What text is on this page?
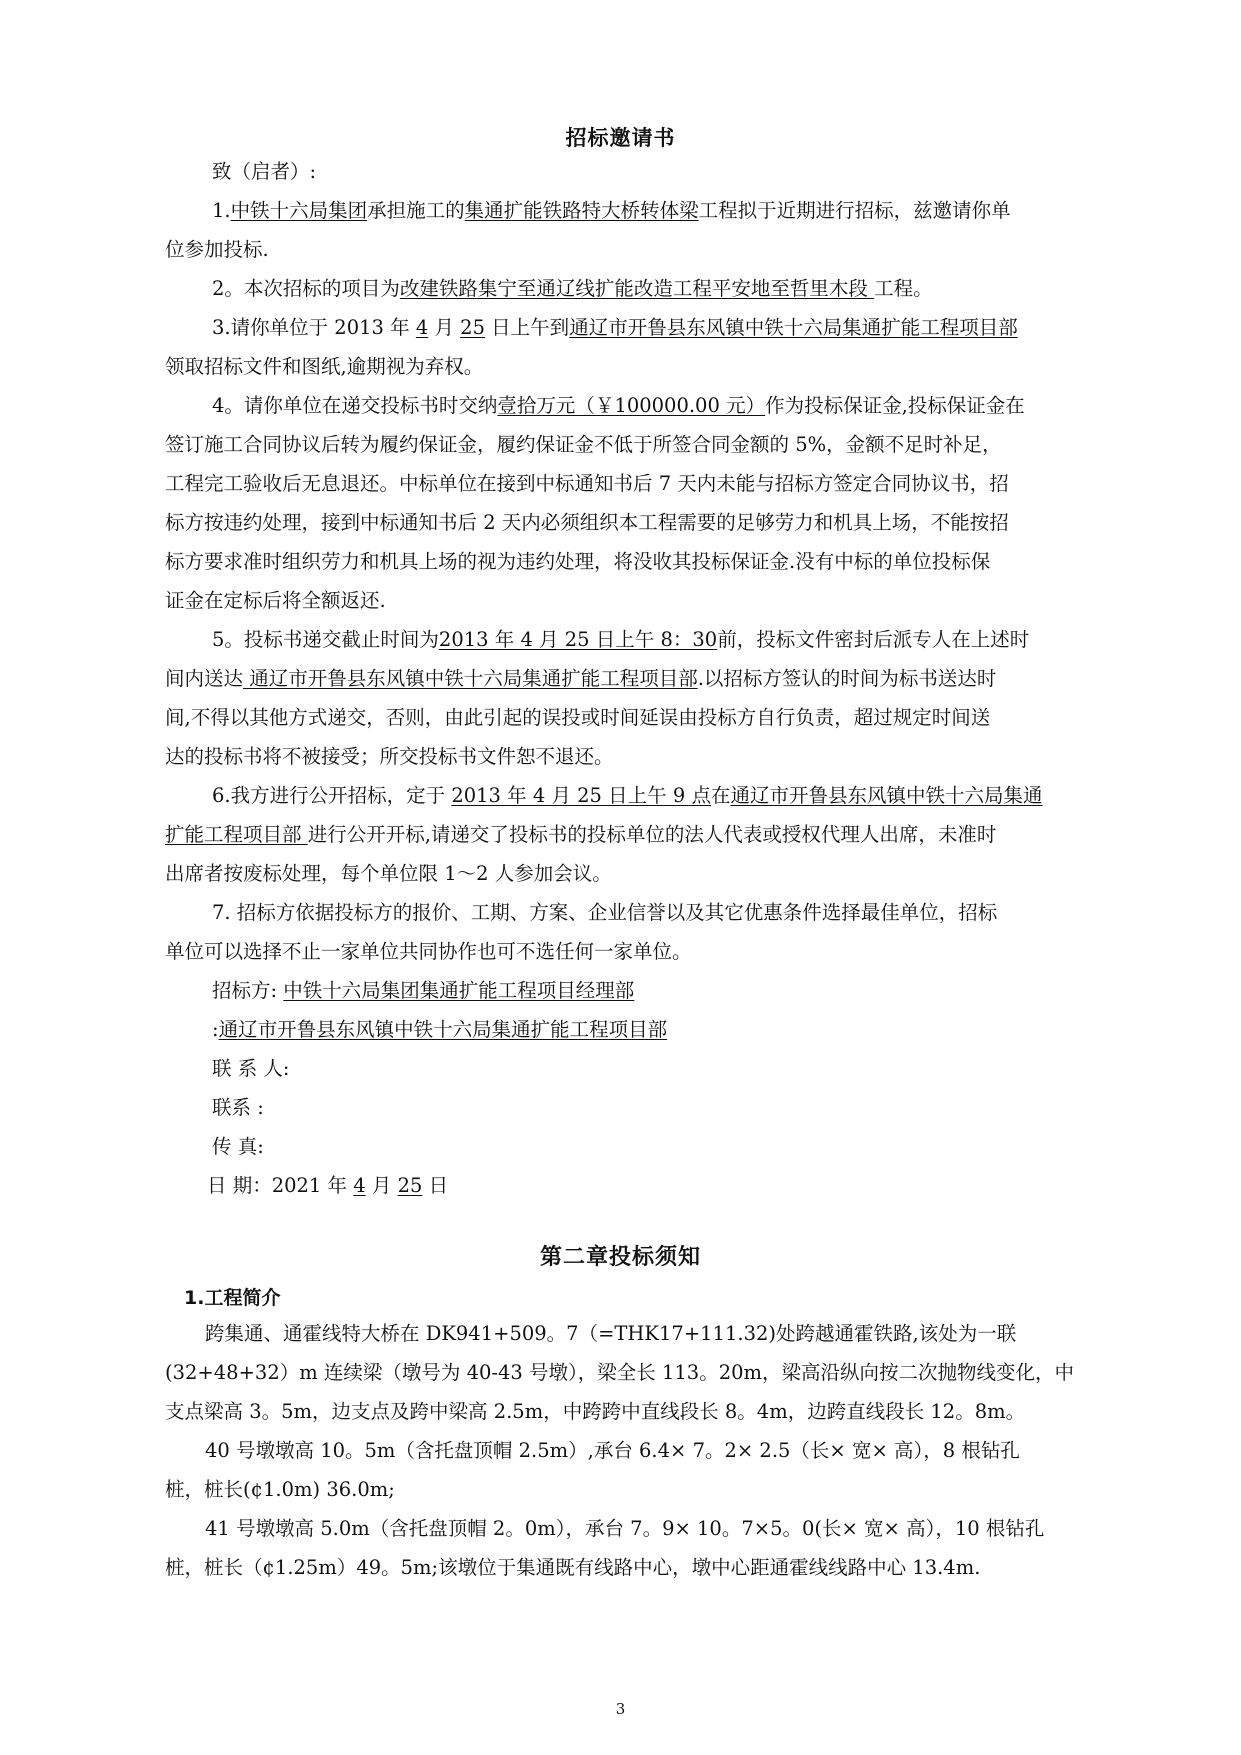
招标邀请书
第二章投标须知
1.工程简介
致（启者）:
1.中铁十六局集团承担施工的集通扩能铁路特大桥转体梁工程拟于近期进行招标，兹邀请你单
位参加投标.
2。本次招标的项目为改建铁路集宁至通辽线扩能改造工程平安地至哲里木段 工程。
3.请你单位于 2013 年 4 月 25 日上午到通辽市开鲁县东风镇中铁十六局集通扩能工程项目部
领取招标文件和图纸,逾期视为弃权。
4。请你单位在递交投标书时交纳壹拾万元（￥100000.00 元）作为投标保证金,投标保证金在
签订施工合同协议后转为履约保证金，履约保证金不低于所签合同金额的 5%，金额不足时补足，
工程完工验收后无息退还。中标单位在接到中标通知书后 7 天内未能与招标方签定合同协议书，招
标方按违约处理，接到中标通知书后 2 天内必须组织本工程需要的足够劳力和机具上场，不能按招
标方要求准时组织劳力和机具上场的视为违约处理，将没收其投标保证金.没有中标的单位投标保
证金在定标后将全额返还.
5。投标书递交截止时间为2013 年 4 月 25 日上午 8：30前，投标文件密封后派专人在上述时
间内送达 通辽市开鲁县东风镇中铁十六局集通扩能工程项目部.以招标方签认的时间为标书送达时
间,不得以其他方式递交，否则，由此引起的误投或时间延误由投标方自行负责，超过规定时间送
达的投标书将不被接受；所交投标书文件恕不退还。
6.我方进行公开招标，定于 2013 年 4 月 25 日上午 9 点在通辽市开鲁县东风镇中铁十六局集通
扩能工程项目部 进行公开开标,请递交了投标书的投标单位的法人代表或授权代理人出席，未准时
出席者按废标处理，每个单位限 1～2 人参加会议。
7. 招标方依据投标方的报价、工期、方案、企业信誉以及其它优惠条件选择最佳单位，招标
单位可以选择不止一家单位共同协作也可不选任何一家单位。
招标方: 中铁十六局集团集通扩能工程项目经理部
:通辽市开鲁县东风镇中铁十六局集通扩能工程项目部
联 系 人:
联系 :
传 真:
日 期：2021 年 4 月 25 日
跨集通、通霍线特大桥在 DK941+509。7（=THK17+111.32)处跨越通霍铁路,该处为一联
(32+48+32）m 连续梁（墩号为 40-43 号墩），梁全长 113。20m，梁高沿纵向按二次抛物线变化，中
支点梁高 3。5m，边支点及跨中梁高 2.5m，中跨跨中直线段长 8。4m，边跨直线段长 12。8m。
40 号墩墩高 10。5m（含托盘顶帽 2.5m）,承台 6.4× 7。2× 2.5（长× 宽× 高），8 根钻孔
桩，桩长(¢1.0m) 36.0m;
41 号墩墩高 5.0m（含托盘顶帽 2。0m），承台 7。9× 10。7×5。0(长× 宽× 高），10 根钻孔
桩，桩长（¢1.25m）49。5m;该墩位于集通既有线路中心，墩中心距通霍线线路中心 13.4m.
3
